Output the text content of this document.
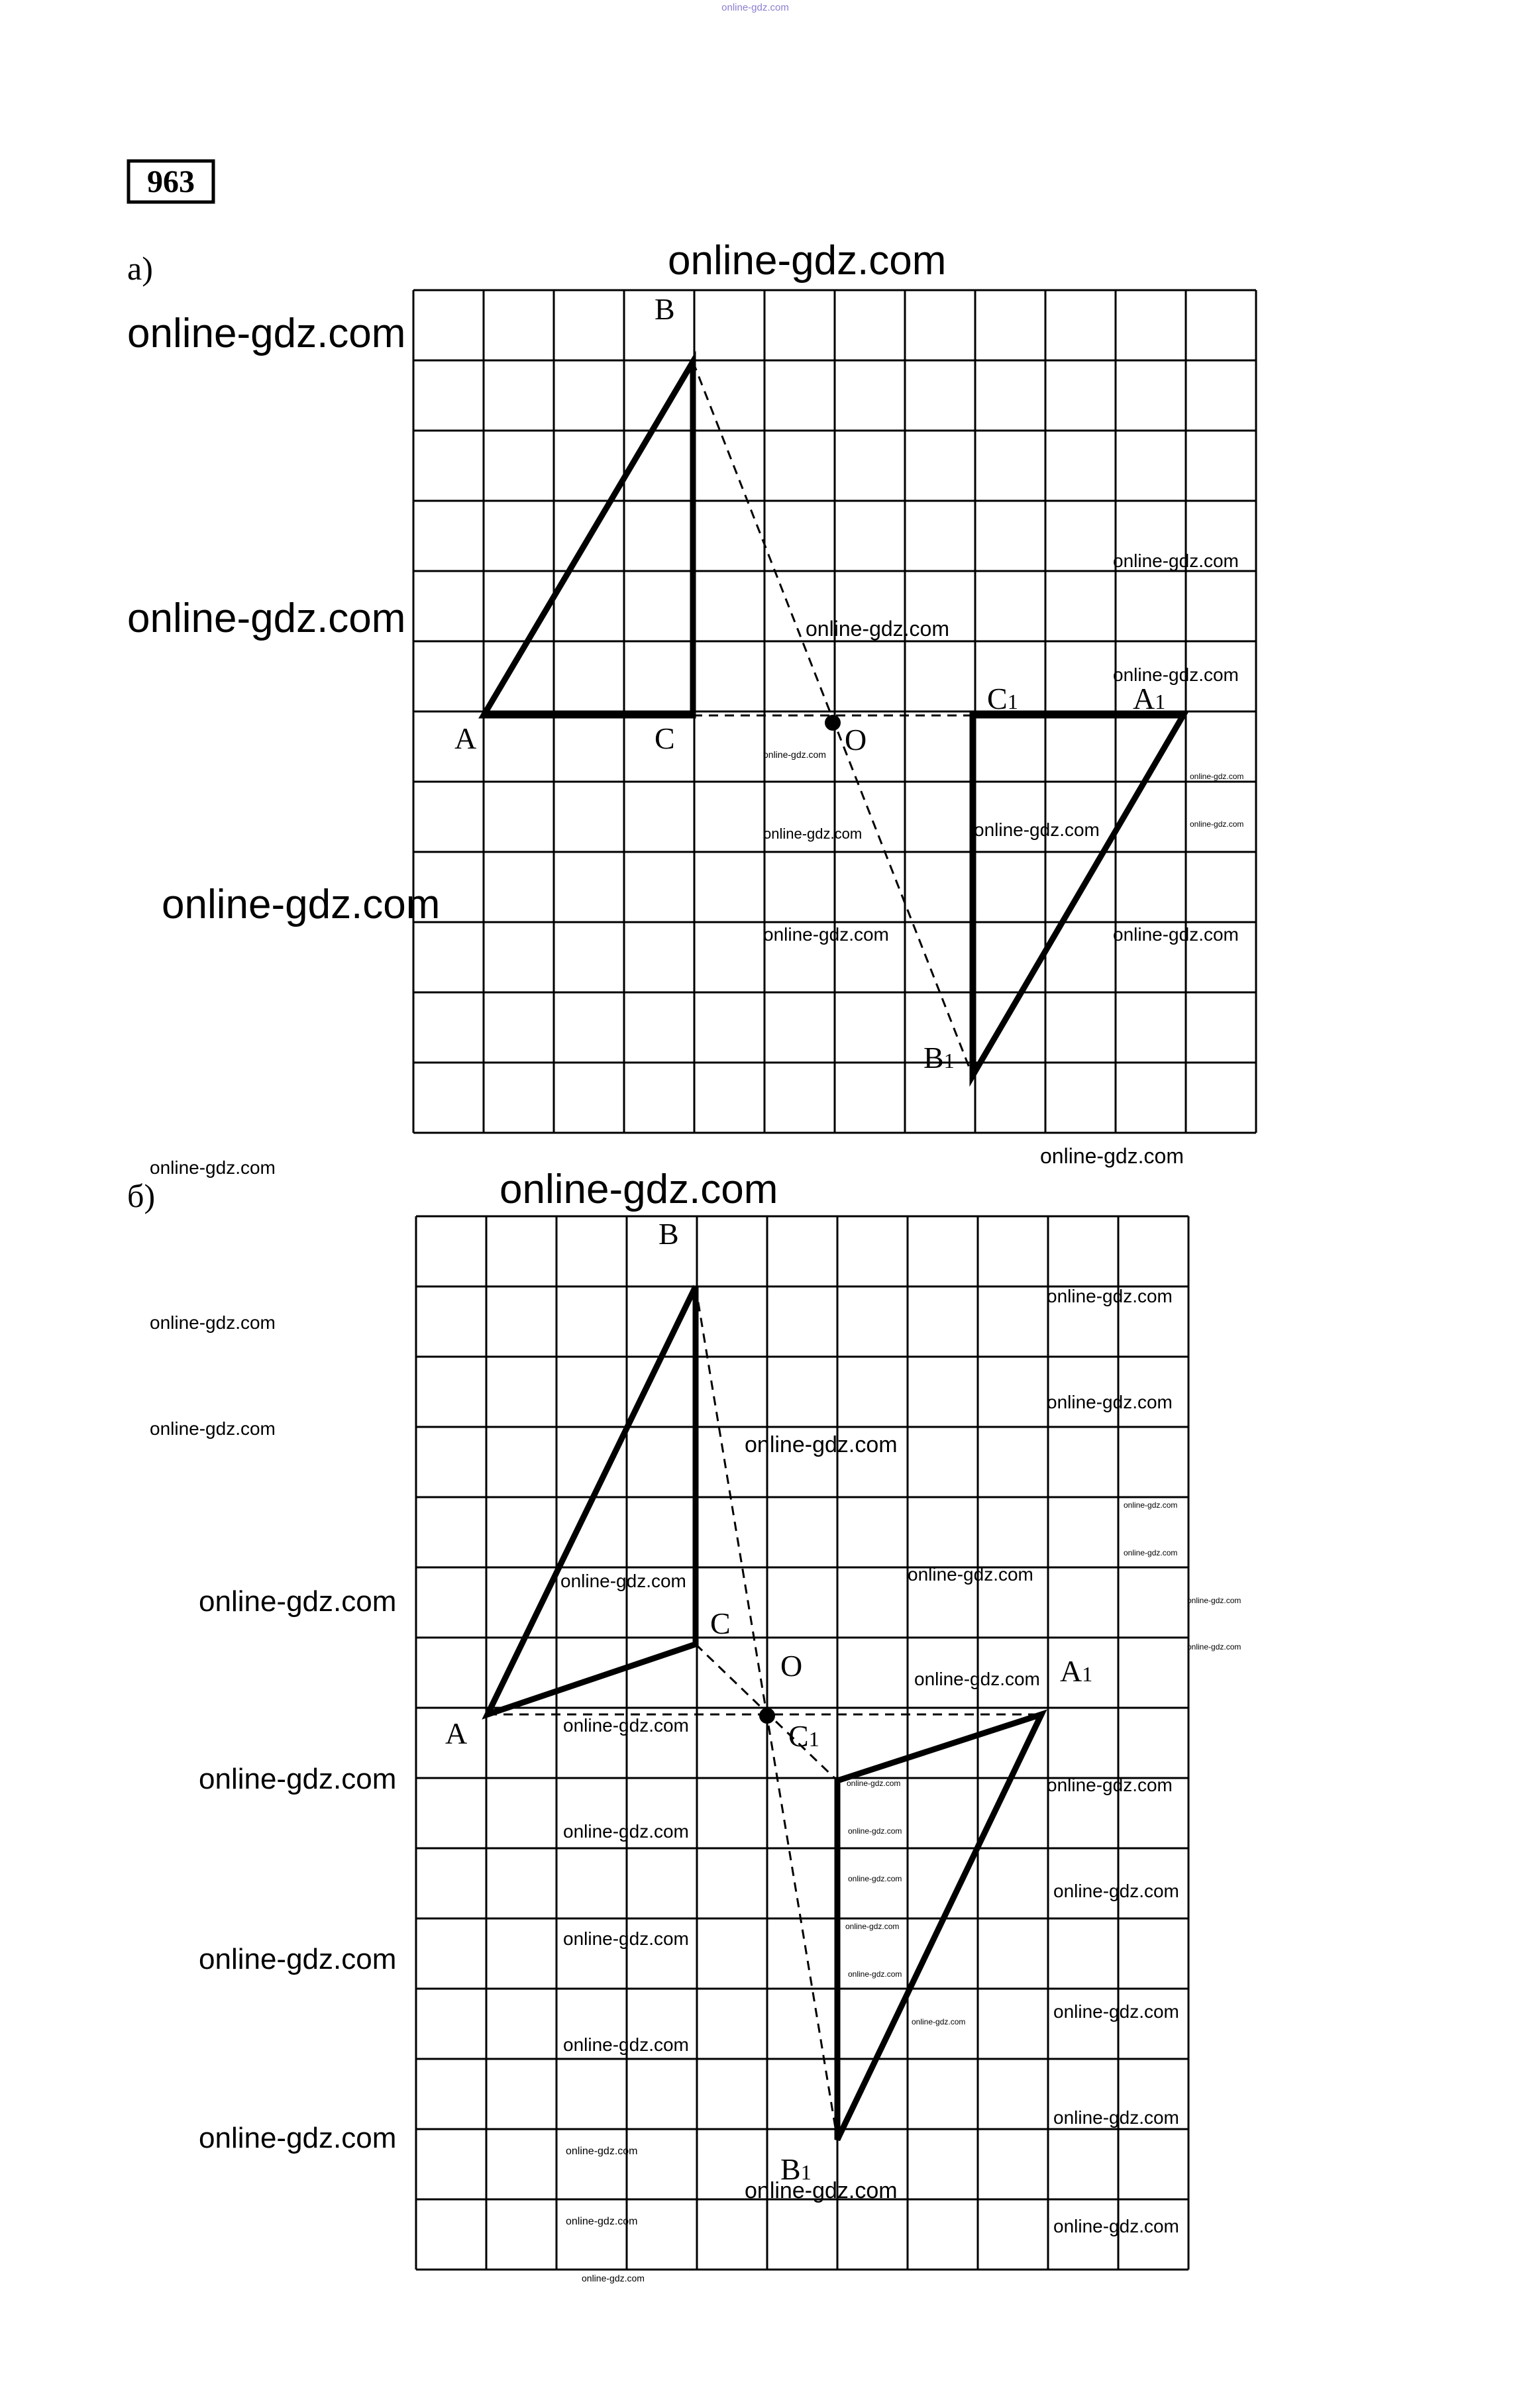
online-gdz.com
963
а)
A
B
C	O
A1
B1
C1
б)
A
B
C
O	A1
B1
C1
online-gdz.com
online-gdz.com
online-gdz.com
online-gdz.com
online-gdz.com
online-gdz.com
online-gdz.com
online-gdz.com
online-gdz.com	online-gdz.com
online-gdz.com
online-gdz.com
online-gdz.com	online-gdz.com
online-gdz.com
online-gdz.com	online-gdz.com
online-gdz.com
online-gdz.com
online-gdz.com
online-gdz.com
online-gdz.com
online-gdz.com
online-gdz.com
online-gdz.com
online-gdz.com
online-gdz.com
online-gdz.com	online-gdz.com
online-gdz.com
online-gdz.com
online-gdz.com	online-gdz.com
online-gdz.com
online-gdz.com
online-gdz.com
online-gdz.com
online-gdz.com
online-gdz.com
online-gdz.com
online-gdz.com
online-gdz.com
online-gdz.com
online-gdz.com
online-gdz.com
online-gdz.com
online-gdz.com	online-gdz.com
online-gdz.com
online-gdz.com	online-gdz.com
online-gdz.com
